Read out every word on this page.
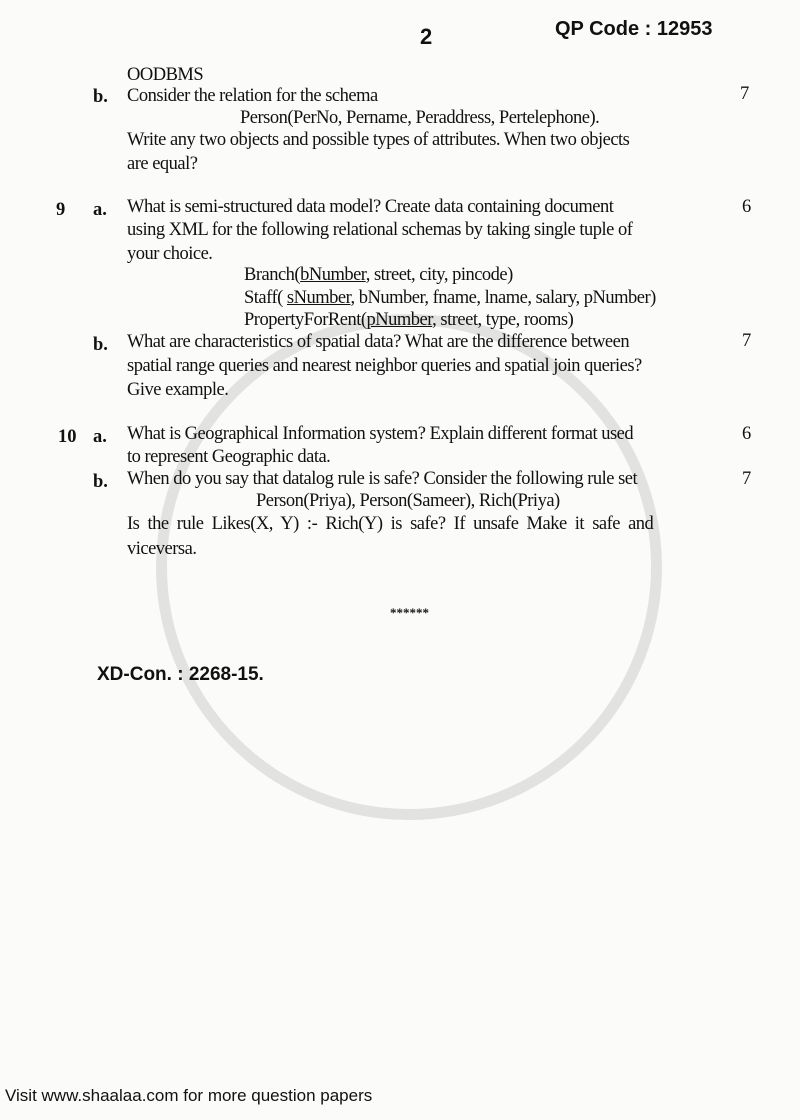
2	QP Code : 12953
OODBMS
b. Consider the relation for the schema	7
Person(PerNo, Pername, Peraddress, Pertelephone).
Write any two objects and possible types of attributes. When two objects
are equal?
9 a. What is semi-structured data model? Create data containing document	6
using XML for the following relational schemas by taking single tuple of
your choice.
Branch(bNumber, street, city, pincode)
Staff( sNumber, bNumber, fname, lname, salary, pNumber)
PropertyForRent(pNumber, street, type, rooms)
b. What are characteristics of spatial data? What are the difference between	7
spatial range queries and nearest neighbor queries and spatial join queries?
Give example.
10 a. What is Geographical Information system? Explain different format used	6
to represent Geographic data.
b. When do you say that datalog rule is safe? Consider the following rule set	7
Person(Priya), Person(Sameer), Rich(Priya)
Is the rule Likes(X, Y) :- Rich(Y) is safe? If unsafe Make it safe and
viceversa.
******
XD-Con. : 2268-15.
Visit www.shaalaa.com for more question papers
